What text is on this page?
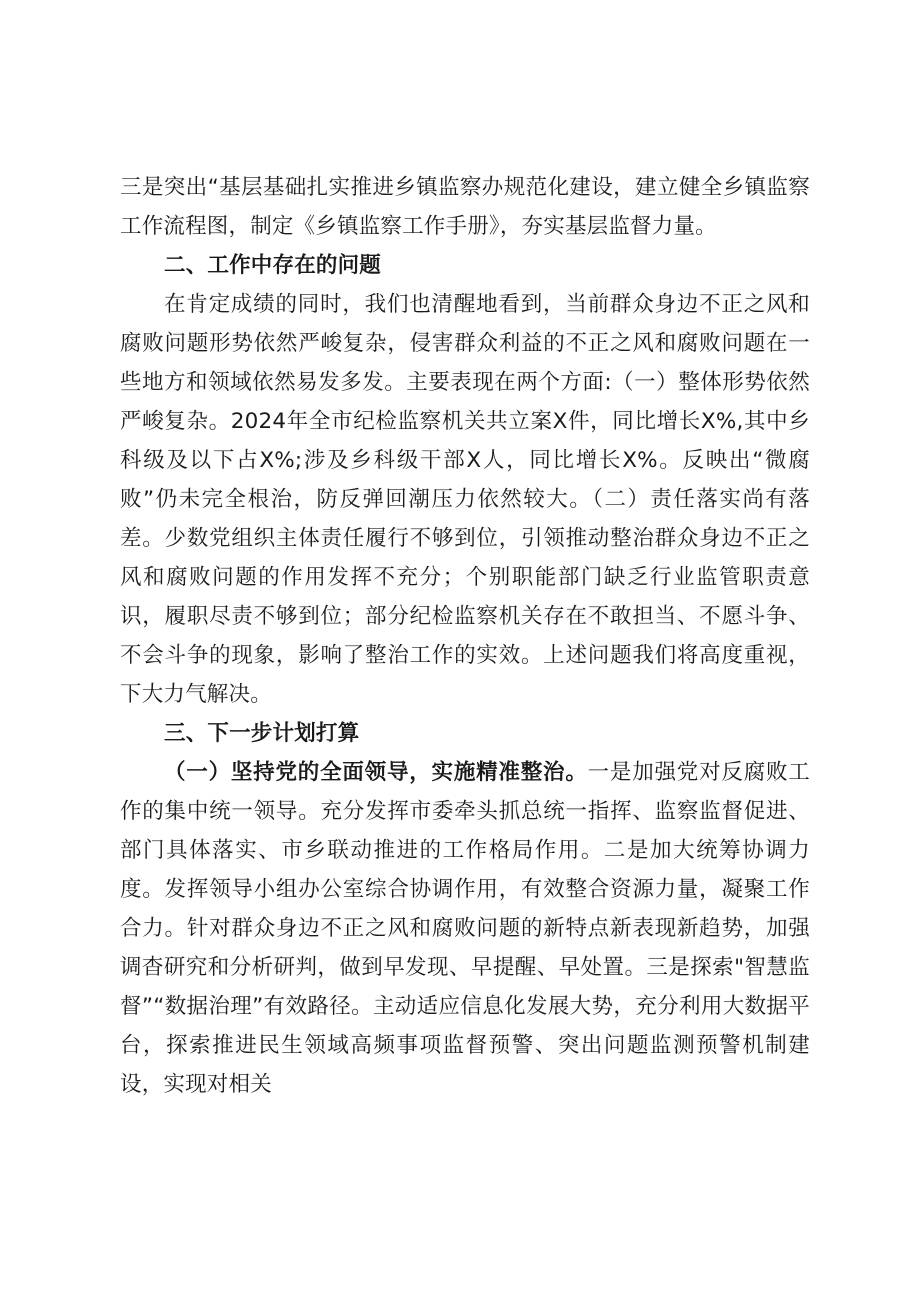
三是突出“基层基础扎实推进乡镇监察办规范化建设，建立健全乡镇监察工作流程图，制定《乡镇监察工作手册》，夯实基层监督力量。

二、工作中存在的问题

在肯定成绩的同时，我们也清醒地看到，当前群众身边不正之风和腐败问题形势依然严峻复杂，侵害群众利益的不正之风和腐败问题在一些地方和领域依然易发多发。主要表现在两个方面:（一）整体形势依然严峻复杂。2024年全市纪检监察机关共立案X件，同比增长X%,其中乡科级及以下占X%;涉及乡科级干部X人，同比增长X%。反映出“微腐败”仍未完全根治，防反弹回潮压力依然较大。（二）责任落实尚有落差。少数党组织主体责任履行不够到位，引领推动整治群众身边不正之风和腐败问题的作用发挥不充分；个别职能部门缺乏行业监管职责意识，履职尽责不够到位；部分纪检监察机关存在不敢担当、不愿斗争、不会斗争的现象，影响了整治工作的实效。上述问题我们将高度重视，下大力气解决。

三、下一步计划打算

（一）坚持党的全面领导，实施精准整治。一是加强党对反腐败工作的集中统一领导。充分发挥市委牵头抓总统一指挥、监察监督促进、部门具体落实、市乡联动推进的工作格局作用。二是加大统筹协调力度。发挥领导小组办公室综合协调作用，有效整合资源力量，凝聚工作合力。针对群众身边不正之风和腐败问题的新特点新表现新趋势，加强调杳研究和分析研判，做到早发现、早提醒、早处置。三是探索"智慧监督”“数据治理”有效路径。主动适应信息化发展大势，充分利用大数据平台，探索推进民生领域高频事项监督预警、突出问题监测预警机制建设，实现对相关
